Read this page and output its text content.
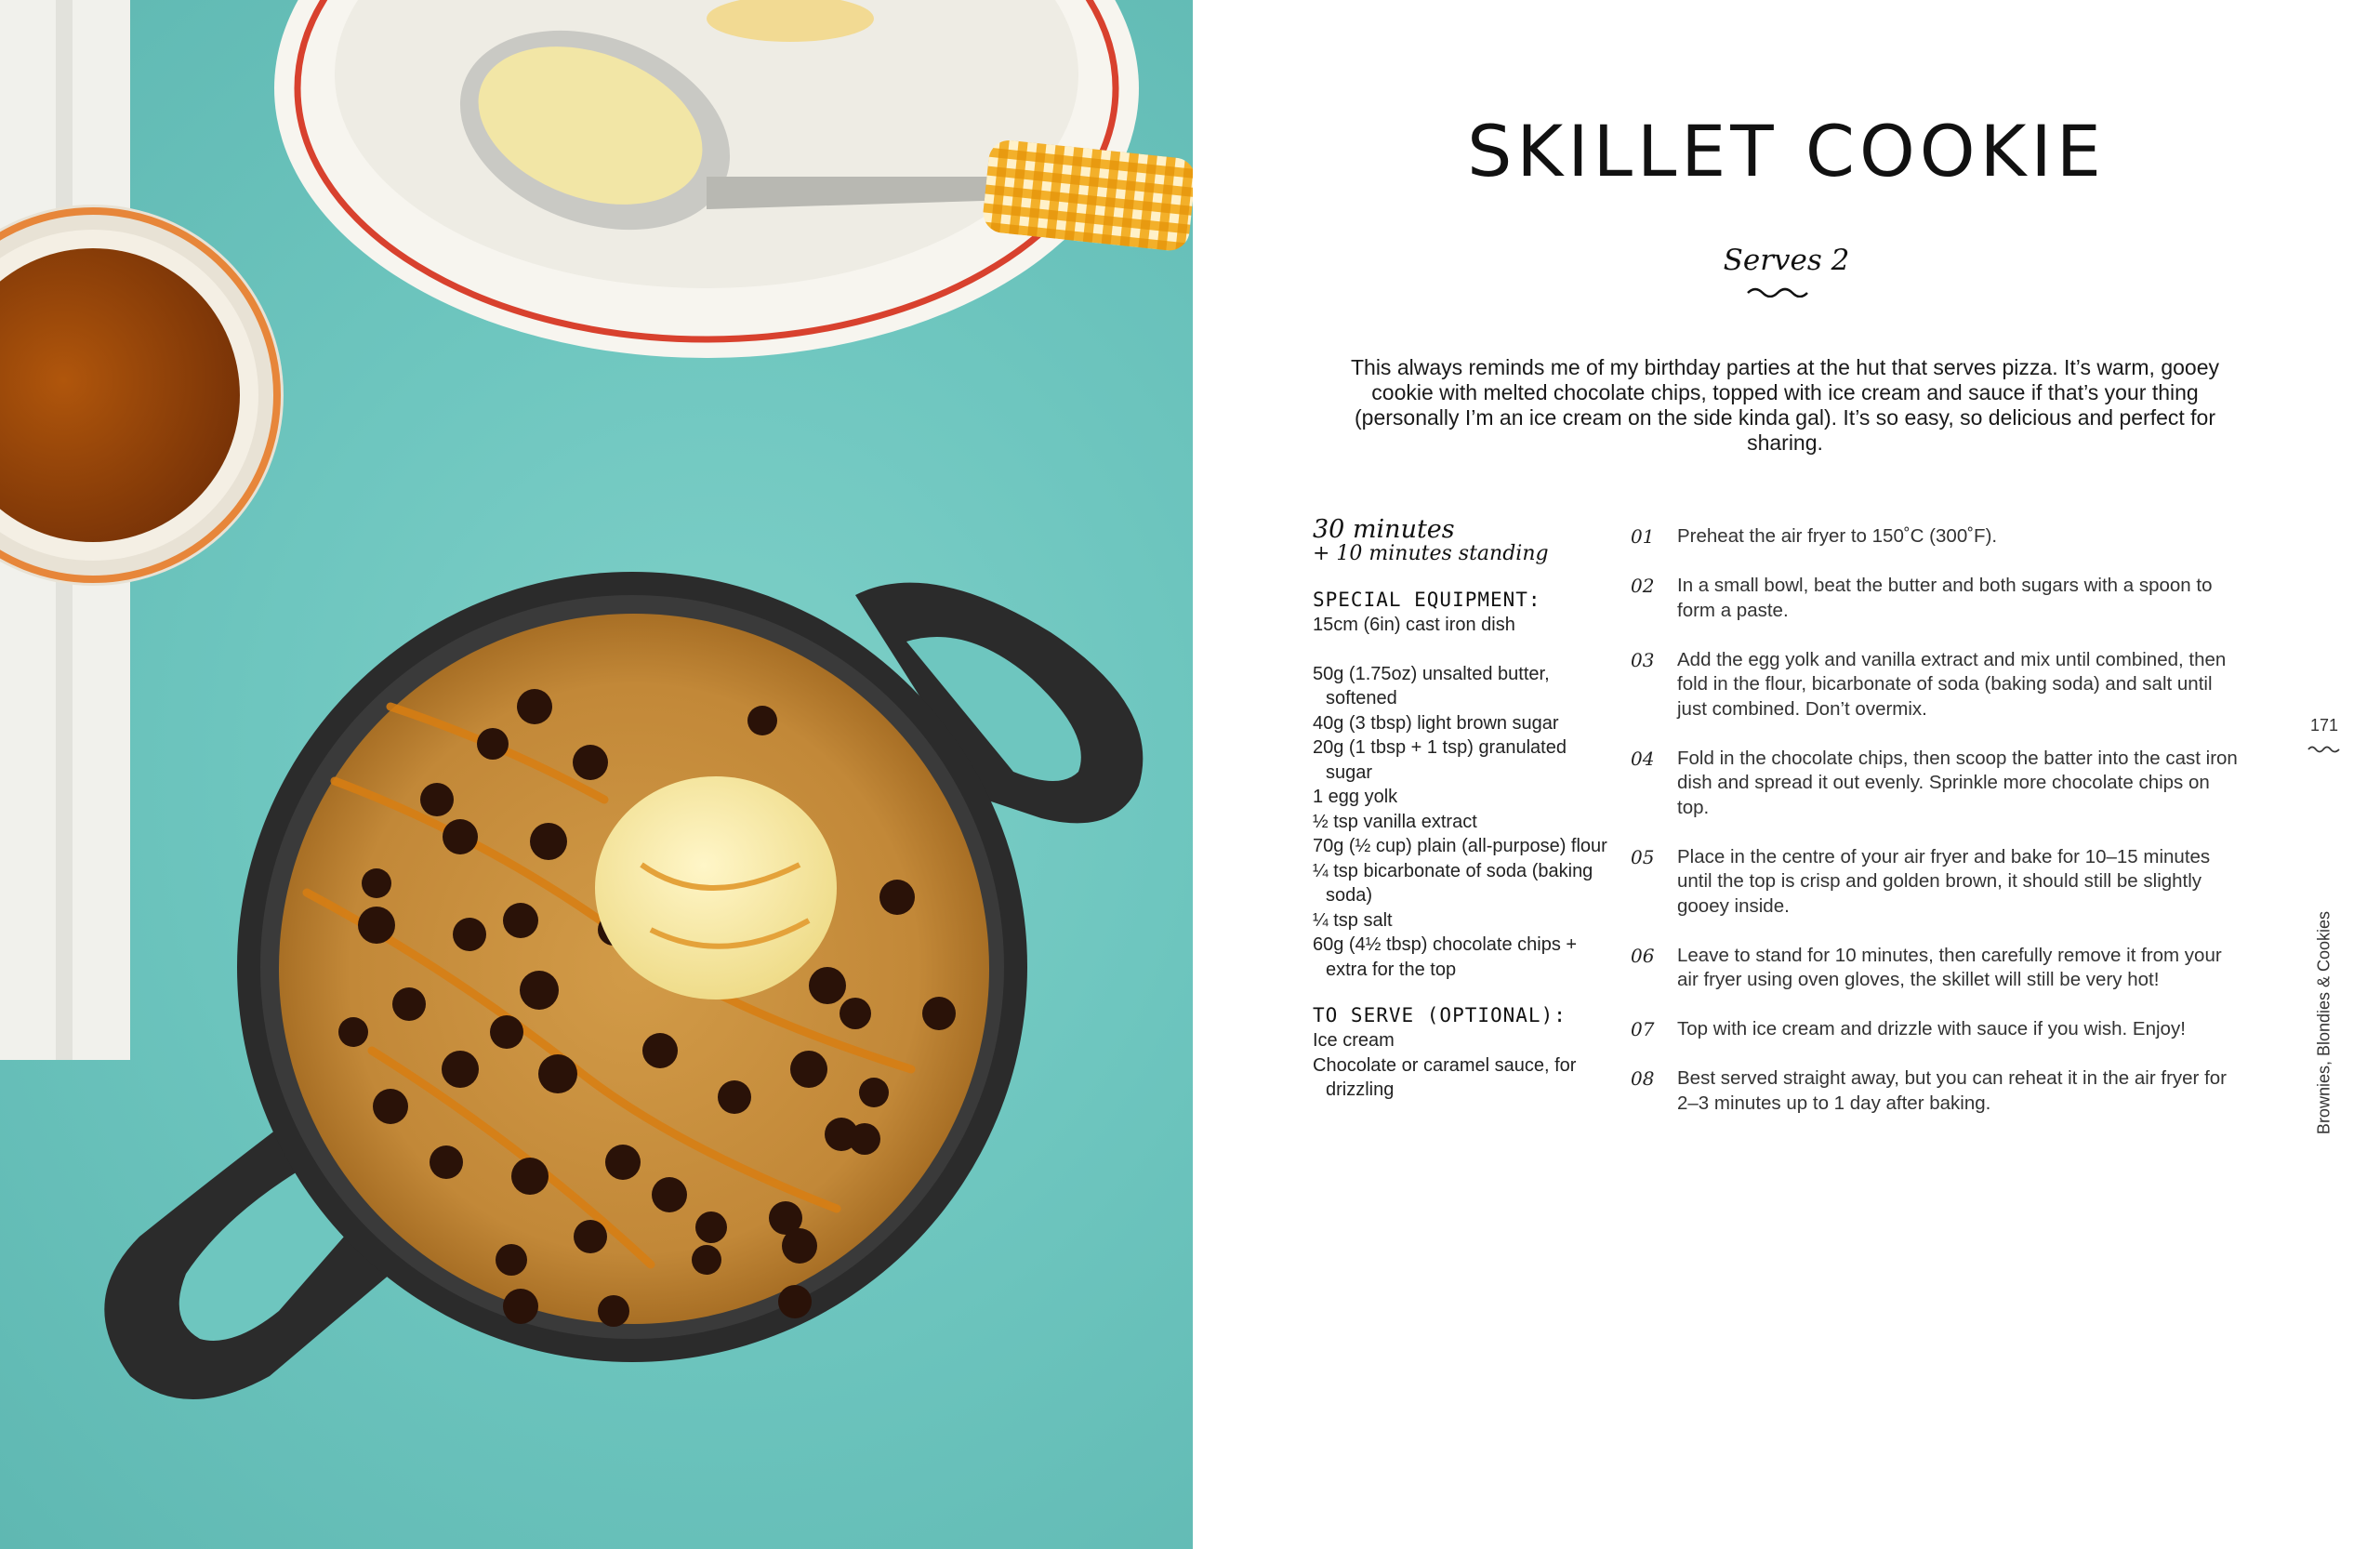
SKILLET COOKIE
Serves 2

This always reminds me of my birthday parties at the hut that serves pizza. It’s warm, gooey cookie with melted chocolate chips, topped with ice cream and sauce if that’s your thing (personally I’m an ice cream on the side kinda gal). It’s so easy, so delicious and perfect for sharing.

30 minutes

+ 10 minutes standing

SPECIAL EQUIPMENT:
15cm (6in) cast iron dish
50g (1.75oz) unsalted butter, softened
40g (3 tbsp) light brown sugar
20g (1 tbsp + 1 tsp) granulated sugar
1 egg yolk
½ tsp vanilla extract
70g (½ cup) plain (all-purpose) flour
¼ tsp bicarbonate of soda (baking soda)
¼ tsp salt
60g (4½ tbsp) chocolate chips + extra for the top
TO SERVE (OPTIONAL):
Ice cream
Chocolate or caramel sauce, for drizzling
01 Preheat the air fryer to 150˚C (300˚F).
02 In a small bowl, beat the butter and both sugars with a spoon to form a paste.
03 Add the egg yolk and vanilla extract and mix until combined, then fold in the flour, bicarbonate of soda (baking soda) and salt until just combined. Don’t overmix.
04 Fold in the chocolate chips, then scoop the batter into the cast iron dish and spread it out evenly. Sprinkle more chocolate chips on top.
05 Place in the centre of your air fryer and bake for 10–15 minutes until the top is crisp and golden brown, it should still be slightly gooey inside.
06 Leave to stand for 10 minutes, then carefully remove it from your air fryer using oven gloves, the skillet will still be very hot!
07 Top with ice cream and drizzle with sauce if you wish. Enjoy!
08 Best served straight away, but you can reheat it in the air fryer for 2–3 minutes up to 1 day after baking.
171
Brownies, Blondies & Cookies
